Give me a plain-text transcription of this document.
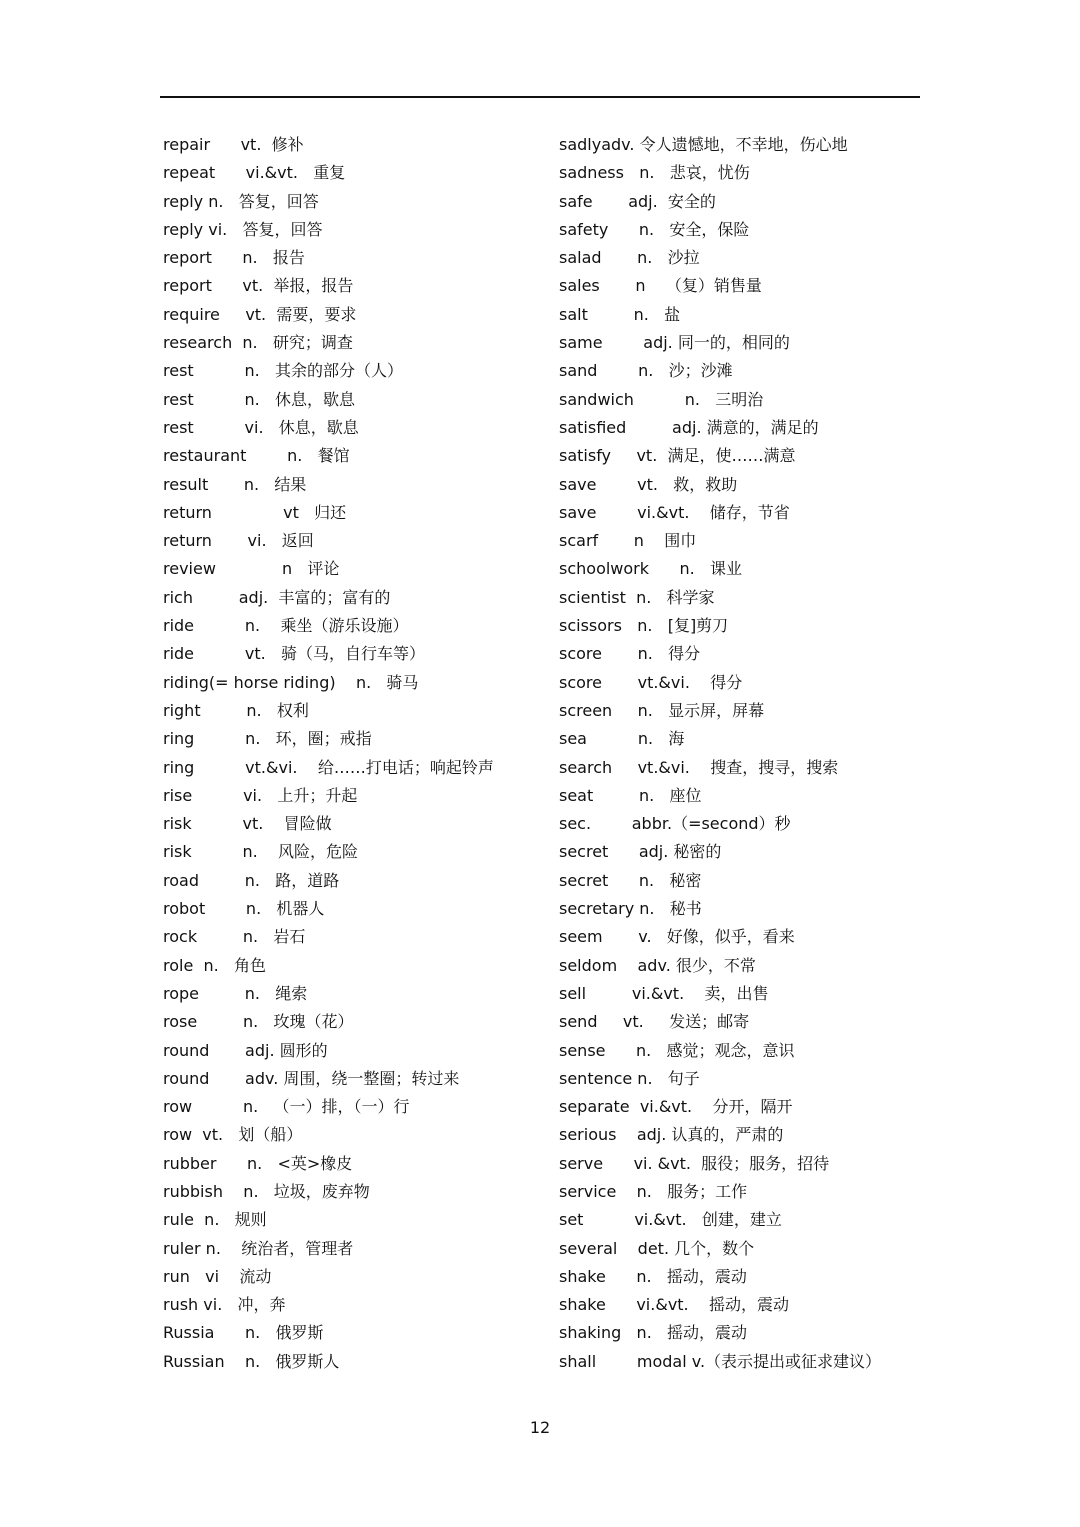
repair      vt.  修补
repeat      vi.&vt.   重复
reply n.   答复，回答
reply vi.   答复，回答
report      n.   报告
report      vt.  举报，报告
require     vt.  需要，要求
research  n.   研究；调查
rest          n.   其余的部分（人）
rest          n.   休息，歇息
rest          vi.   休息，歇息
restaurant        n.   餐馆
result       n.   结果
return              vt   归还
return       vi.   返回
review             n   评论
rich         adj.  丰富的；富有的
ride          n.    乘坐（游乐设施）
ride          vt.   骑（马，自行车等）
riding(= horse riding)    n.   骑马
right         n.   权利
ring          n.   环，圈；戒指
ring          vt.&vi.    给……打电话；响起铃声
rise          vi.   上升；升起
risk          vt.    冒险做
risk          n.    风险，危险
road         n.   路，道路
robot        n.   机器人
rock         n.   岩石
role  n.   角色
rope         n.   绳索
rose         n.   玫瑰（花）
round       adj. 圆形的
round       adv. 周围，绕一整圈；转过来
row          n.   （一）排，（一）行
row  vt.   划（船）
rubber      n.   <英>橡皮
rubbish    n.   垃圾，废弃物
rule  n.   规则
ruler n.    统治者，管理者
run   vi    流动
rush vi.   冲，奔
Russia      n.   俄罗斯
Russian    n.   俄罗斯人
sadlyadv. 令人遗憾地，不幸地，伤心地
sadness   n.   悲哀，忧伤
safe       adj.  安全的
safety      n.   安全，保险
salad       n.   沙拉
sales       n    （复）销售量
salt         n.   盐
same        adj. 同一的，相同的
sand        n.   沙；沙滩
sandwich          n.   三明治
satisfied         adj. 满意的，满足的
satisfy     vt.  满足，使……满意
save        vt.   救，救助
save        vi.&vt.    储存，节省
scarf       n    围巾
schoolwork      n.   课业
scientist  n.   科学家
scissors   n.   [复]剪刀
score       n.   得分
score       vt.&vi.    得分
screen     n.   显示屏，屏幕
sea          n.   海
search     vt.&vi.    搜查，搜寻，搜索
seat         n.   座位
sec.        abbr.（=second）秒
secret      adj. 秘密的
secret      n.   秘密
secretary n.   秘书
seem       v.   好像，似乎，看来
seldom    adv. 很少，不常
sell         vi.&vt.    卖，出售
send     vt.     发送；邮寄
sense      n.   感觉；观念，意识
sentence n.   句子
separate  vi.&vt.    分开，隔开
serious    adj. 认真的，严肃的
serve      vi. &vt.  服役；服务，招待
service    n.   服务；工作
set          vi.&vt.   创建，建立
several    det. 几个，数个
shake      n.   摇动，震动
shake      vi.&vt.    摇动，震动
shaking   n.   摇动，震动
shall        modal v.（表示提出或征求建议）
12
